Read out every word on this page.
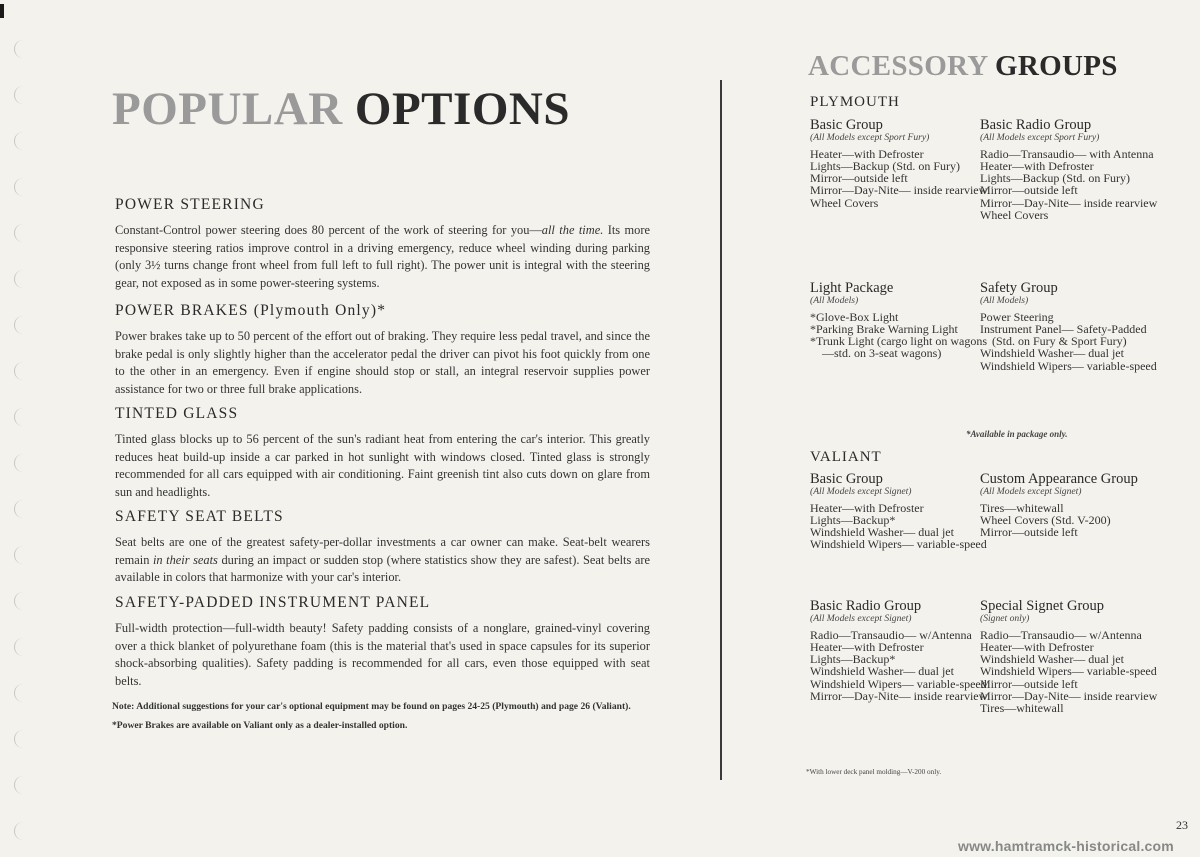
POPULAR OPTIONS
POWER STEERING

Constant-Control power steering does 80 percent of the work of steering for you—all the time. Its more responsive steering ratios improve control in a driving emergency, reduce wheel winding during parking (only 3½ turns change front wheel from full left to full right). The power unit is integral with the steering gear, not exposed as in some power-steering systems.

POWER BRAKES (Plymouth Only)*

Power brakes take up to 50 percent of the effort out of braking. They require less pedal travel, and since the brake pedal is only slightly higher than the accelerator pedal the driver can pivot his foot quickly from one to the other in an emergency. Even if engine should stop or stall, an integral reservoir supplies power assistance for two or three full brake applications.

TINTED GLASS

Tinted glass blocks up to 56 percent of the sun's radiant heat from entering the car's interior. This greatly reduces heat build-up inside a car parked in hot sunlight with windows closed. Tinted glass is strongly recommended for all cars equipped with air conditioning. Faint greenish tint also cuts down on glare from sun and headlights.

SAFETY SEAT BELTS

Seat belts are one of the greatest safety-per-dollar investments a car owner can make. Seat-belt wearers remain in their seats during an impact or sudden stop (where statistics show they are safest). Seat belts are available in colors that harmonize with your car's interior.

SAFETY-PADDED INSTRUMENT PANEL

Full-width protection—full-width beauty! Safety padding consists of a nonglare, grained-vinyl covering over a thick blanket of polyurethane foam (this is the material that's used in space capsules for its superior shock-absorbing qualities). Safety padding is recommended for all cars, even those equipped with seat belts.

Note: Additional suggestions for your car's optional equipment may be found on pages 24-25 (Plymouth) and page 26 (Valiant).
*Power Brakes are available on Valiant only as a dealer-installed option.
ACCESSORY GROUPS
PLYMOUTH
Basic Group
(All Models except Sport Fury)
Heater—with Defroster
Lights—Backup (Std. on Fury)
Mirror—outside left
Mirror—Day-Nite— inside rearview
Wheel Covers
Basic Radio Group
(All Models except Sport Fury)
Radio—Transaudio— with Antenna
Heater—with Defroster
Lights—Backup (Std. on Fury)
Mirror—outside left
Mirror—Day-Nite— inside rearview
Wheel Covers
Light Package
(All Models)
*Glove-Box Light
*Parking Brake Warning Light
*Trunk Light (cargo light on wagons—std. on 3-seat wagons)
Safety Group
(All Models)
Power Steering
Instrument Panel— Safety-Padded (Std. on Fury & Sport Fury)
Windshield Washer— dual jet
Windshield Wipers— variable-speed
*Available in package only.
VALIANT
Basic Group
(All Models except Signet)
Heater—with Defroster
Lights—Backup*
Windshield Washer— dual jet
Windshield Wipers— variable-speed
Custom Appearance Group
(All Models except Signet)
Tires—whitewall
Wheel Covers (Std. V-200)
Mirror—outside left
Basic Radio Group
(All Models except Signet)
Radio—Transaudio— w/Antenna
Heater—with Defroster
Lights—Backup*
Windshield Washer— dual jet
Windshield Wipers— variable-speed
Mirror—Day-Nite— inside rearview
Special Signet Group
(Signet only)
Radio—Transaudio— w/Antenna
Heater—with Defroster
Windshield Washer— dual jet
Windshield Wipers— variable-speed
Mirror—outside left
Mirror—Day-Nite— inside rearview
Tires—whitewall
*With lower deck panel molding—V-200 only.
23
www.hamtramck-historical.com
